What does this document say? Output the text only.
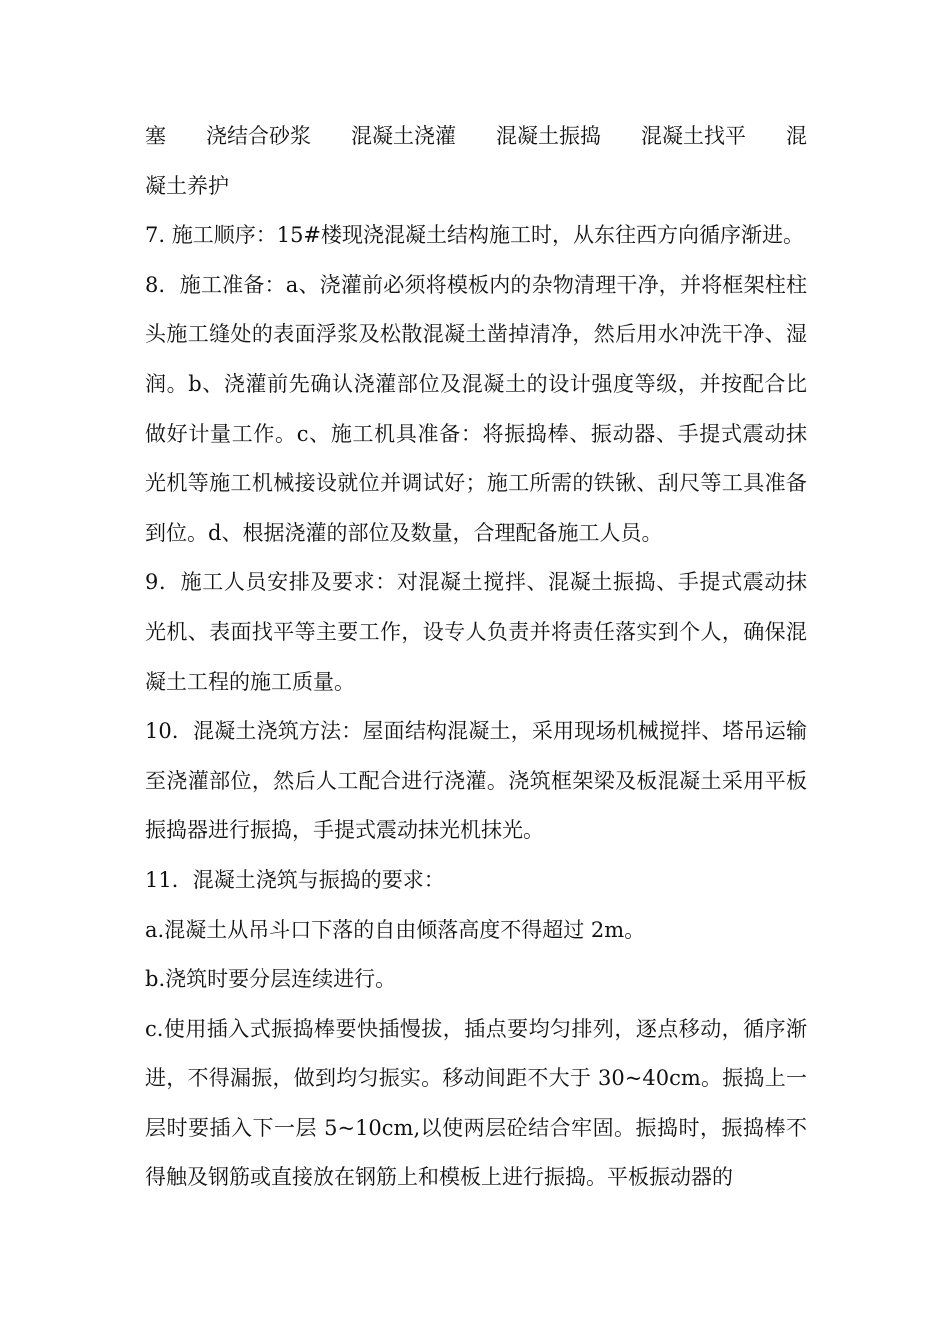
塞 浇结合砂浆 混凝土浇灌 混凝土振捣 混凝土找平 混

凝土养护

7. 施工顺序：15#楼现浇混凝土结构施工时，从东往西方向循序渐进。

8．施工准备：a、浇灌前必须将模板内的杂物清理干净，并将框架柱柱头施工缝处的表面浮浆及松散混凝土凿掉清净，然后用水冲洗干净、湿润。b、浇灌前先确认浇灌部位及混凝土的设计强度等级，并按配合比做好计量工作。c、施工机具准备：将振捣棒、振动器、手提式震动抹光机等施工机械接设就位并调试好；施工所需的铁锹、刮尺等工具准备到位。d、根据浇灌的部位及数量，合理配备施工人员。

9．施工人员安排及要求：对混凝土搅拌、混凝土振捣、手提式震动抹光机、表面找平等主要工作，设专人负责并将责任落实到个人，确保混凝土工程的施工质量。

10．混凝土浇筑方法：屋面结构混凝土，采用现场机械搅拌、塔吊运输至浇灌部位，然后人工配合进行浇灌。浇筑框架梁及板混凝土采用平板振捣器进行振捣，手提式震动抹光机抹光。

11．混凝土浇筑与振捣的要求：

a.混凝土从吊斗口下落的自由倾落高度不得超过 2m。

b.浇筑时要分层连续进行。

c.使用插入式振捣棒要快插慢拔，插点要均匀排列，逐点移动，循序渐进，不得漏振，做到均匀振实。移动间距不大于 30~40cm。振捣上一层时要插入下一层 5~10cm,以使两层砼结合牢固。振捣时，振捣棒不得触及钢筋或直接放在钢筋上和模板上进行振捣。平板振动器的
